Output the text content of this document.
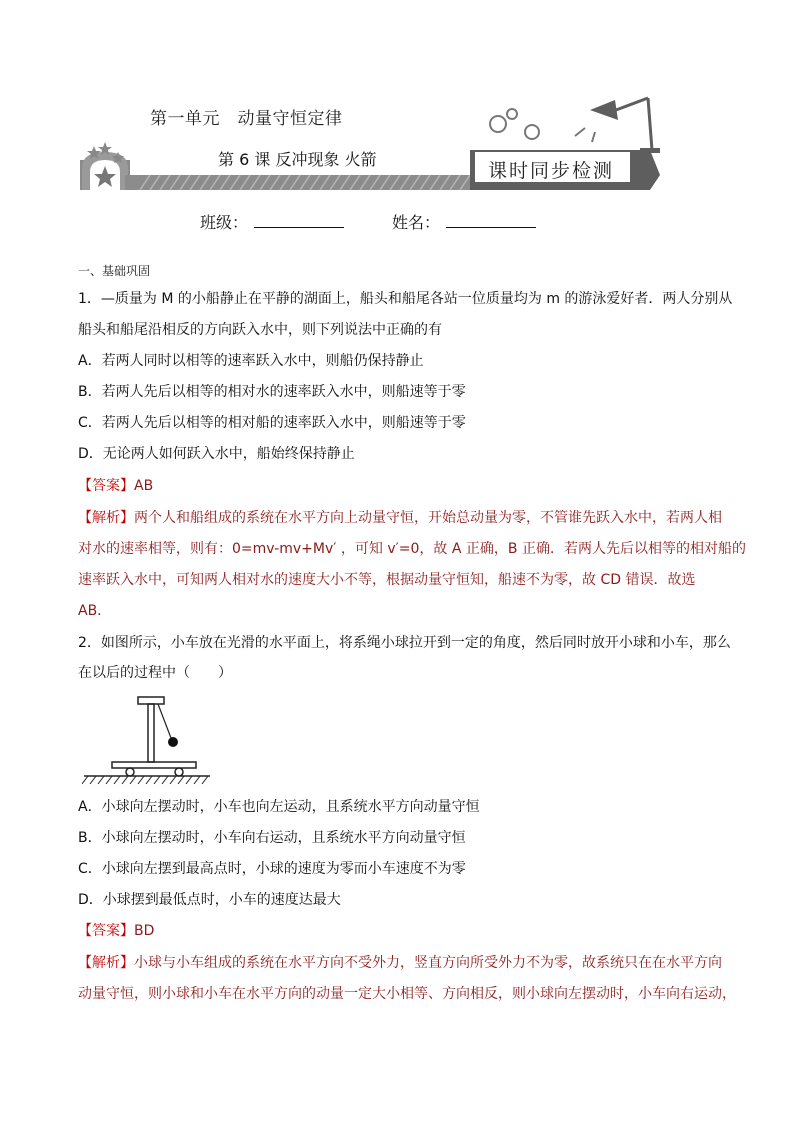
第一单元　动量守恒定律
第 6 课 反冲现象 火箭
课时同步检测
班级：	姓名：
一、基础巩固
1．—质量为 M 的小船静止在平静的湖面上，船头和船尾各站一位质量均为 m 的游泳爱好者．两人分别从
船头和船尾沿相反的方向跃入水中，则下列说法中正确的有
A．若两人同时以相等的速率跃入水中，则船仍保持静止
B．若两人先后以相等的相对水的速率跃入水中，则船速等于零
C．若两人先后以相等的相对船的速率跃入水中，则船速等于零
D．无论两人如何跃入水中，船始终保持静止
【答案】AB
【解析】两个人和船组成的系统在水平方向上动量守恒，开始总动量为零，不管谁先跃入水中，若两人相
对水的速率相等，则有：0=mv-mv+Mv′ ，可知 v′=0，故 A 正确，B 正确．若两人先后以相等的相对船的
速率跃入水中，可知两人相对水的速度大小不等，根据动量守恒知，船速不为零，故 CD 错误．故选
AB．
2．如图所示，小车放在光滑的水平面上，将系绳小球拉开到一定的角度，然后同时放开小球和小车，那么
在以后的过程中（　　）
A．小球向左摆动时，小车也向左运动，且系统水平方向动量守恒
B．小球向左摆动时，小车向右运动，且系统水平方向动量守恒
C．小球向左摆到最高点时，小球的速度为零而小车速度不为零
D．小球摆到最低点时，小车的速度达最大
【答案】BD
【解析】小球与小车组成的系统在水平方向不受外力，竖直方向所受外力不为零，故系统只在在水平方向
动量守恒，则小球和小车在水平方向的动量一定大小相等、方向相反，则小球向左摆动时，小车向右运动，
